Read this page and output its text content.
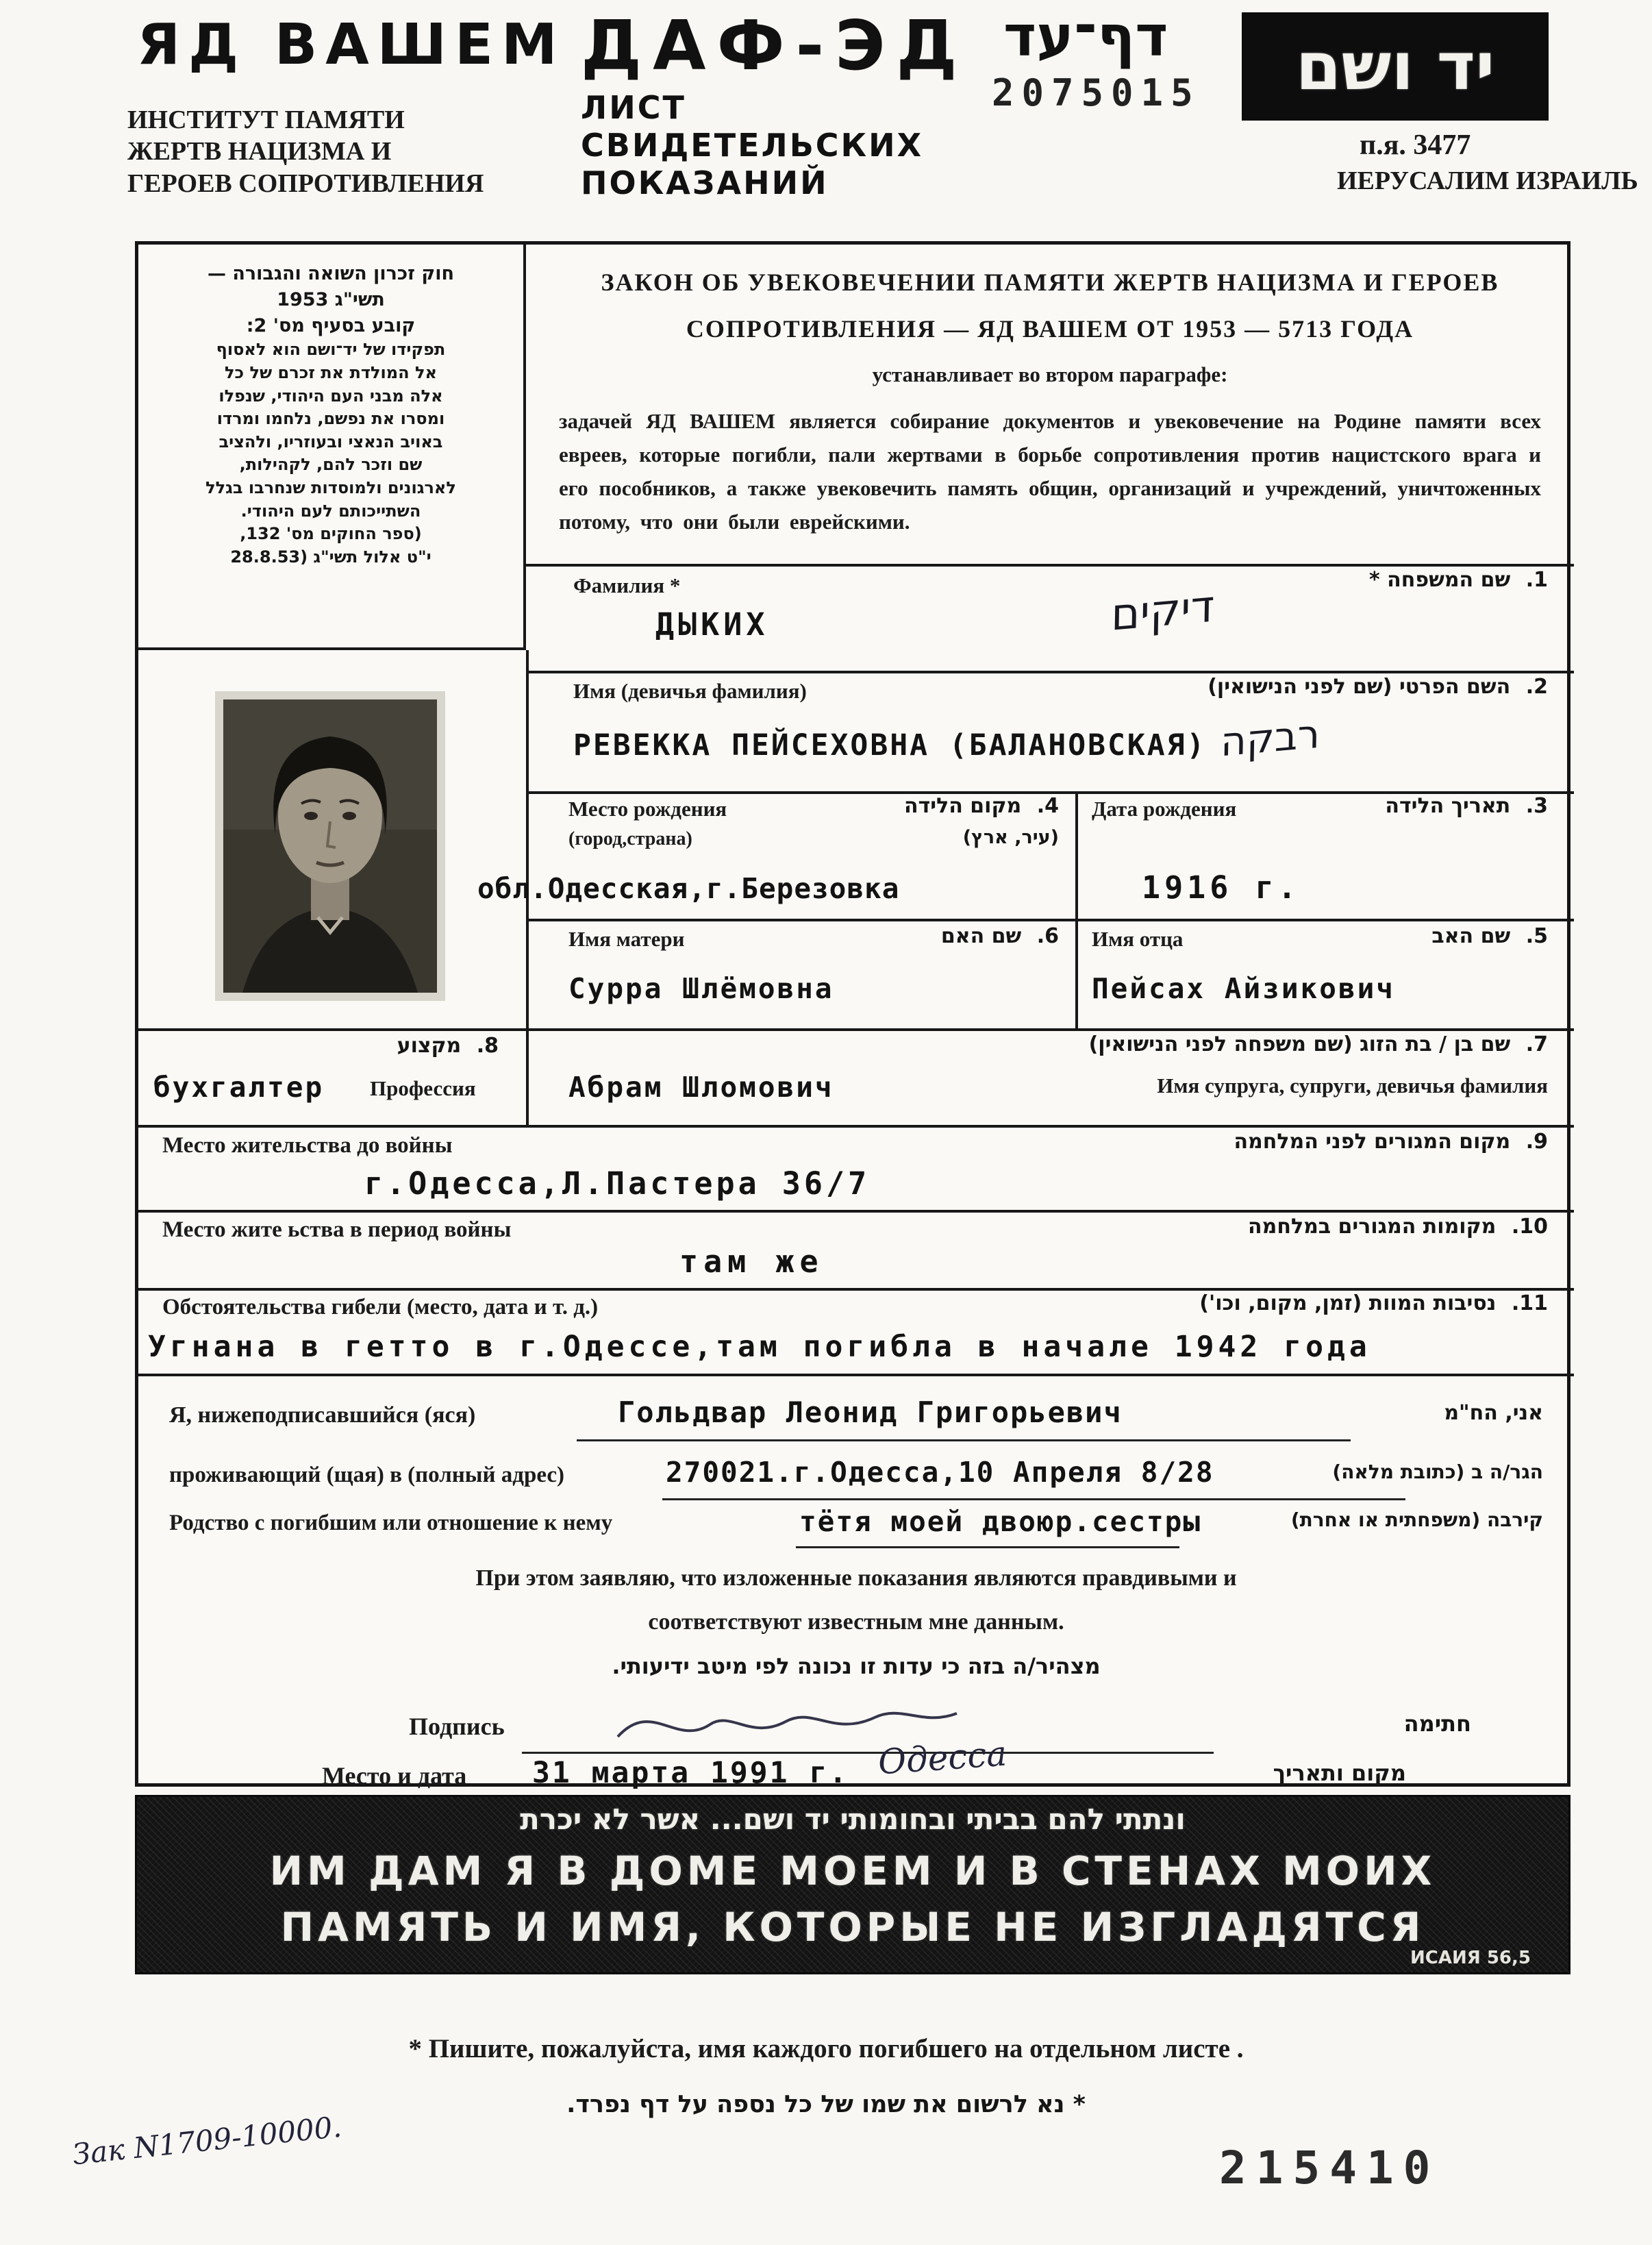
ЯД ВАШЕМ
ИНСТИТУТ ПАМЯТИ
ЖЕРТВ НАЦИЗМА И
ГЕРОЕВ СОПРОТИВЛЕНИЯ
ДАФ-ЭД דף־עד
2075015 יד ושם
п.я. 3477
ИЕРУСАЛИМ ИЗРАИЛЬ
ЛИСТ
СВИДЕТЕЛЬСКИХ
ПОКАЗАНИЙ
חוק זכרון השואה והגבורה —
תשי"ג 1953
קובע בסעיף מס' 2:
תפקידו של יד־ושם הוא לאסוף
אל המולדת את זכרם של כל
אלה מבני העם היהודי, שנפלו
ומסרו את נפשם, נלחמו ומרדו
באויב הנאצי ובעוזריו, ולהציב
שם וזכר להם, לקהילות,
לארגונים ולמוסדות שנחרבו בגלל
השתייכותם לעם היהודי.
(ספר החוקים מס' 132,
י"ט אלול תשי"ג (28.8.53
ЗАКОН ОБ УВЕКОВЕЧЕНИИ ПАМЯТИ ЖЕРТВ НАЦИЗМА И ГЕРОЕВ
СОПРОТИВЛЕНИЯ — ЯД ВАШЕМ ОТ 1953 — 5713 ГОДА
устанавливает во втором параграфе:
задачей ЯД ВАШЕМ является собирание документов и увековечение на Родине памяти всех евреев, которые погибли, пали жертвами в борьбе сопротивления против нацистского врага и его пособников, а также увековечить память общин, организаций и учреждений, уничтоженных потому, что они были еврейскими.
Фамилия *	.1 שם המשפחה *
ДЫКИХ	דיקים
Имя (девичья фамилия)	.2 השם הפרטי (שם לפני הנישואין)
РЕВЕККА ПЕЙСЕХОВНА (БАЛАНОВСКАЯ) רבקה
Место рождения	.4 מקום הלידה
(город,страна)	(עיר, ארץ)
обл.Одесская,г.Березовка
Дата рождения	.3 תאריך הלידה
1916 г.
Имя матери	.6 שם האם
Сурра Шлёмовна
Имя отца	.5 שם האב
Пейсах Айзикович
.8 מקצוע
бухгалтер Профессия	Абрам Шломович
.7 שם בן / בת הזוג (שם משפחה לפני הנישואין)
Имя супруга, супруги, девичья фамилия
Место жительства до войны	.9 מקום המגורים לפני המלחמה
г.Одесса,Л.Пастера 36/7
Место жите ьства в период войны	.10 מקומות המגורים במלחמה
там же
Обстоятельства гибели (место, дата и т. д.)	.11 נסיבות המוות (זמן, מקום, וכו')
Угнана в гетто в г.Одессе,там погибла в начале 1942 года
Я, нижеподписавшийся (яся)	Гольдвар Леонид Григорьевич	אני, הח"מ
проживающий (щая) в (полный адрес)	270021.г.Одесса,10 Апреля 8/28	הגר/ה ב (כתובת מלאה)
Родство с погибшим или отношение к нему	тётя моей двоюр.сестры	קירבה (משפחתית או אחרת)
При этом заявляю, что изложенные показания являются правдивыми и
соответствуют известным мне данным.
מצהיר/ה בזה כי עדות זו נכונה לפי מיטב ידיעותי.
Подпись	חתימה
Место и дата 31 марта 1991 г. Одесса	מקום ותאריך
ונתתי להם בביתי ובחומותי יד ושם... אשר לא יכרת
ИМ ДАМ Я В ДОМЕ МОЕМ И В СТЕНАХ МОИХ
ПАМЯТЬ И ИМЯ, КОТОРЫЕ НЕ ИЗГЛАДЯТСЯ
ИСАИЯ 56,5
* Пишите, пожалуйста, имя каждого погибшего на отдельном листе .
* נא לרשום את שמו של כל נספה על דף נפרד.
Зак N1709-10000.	215410
